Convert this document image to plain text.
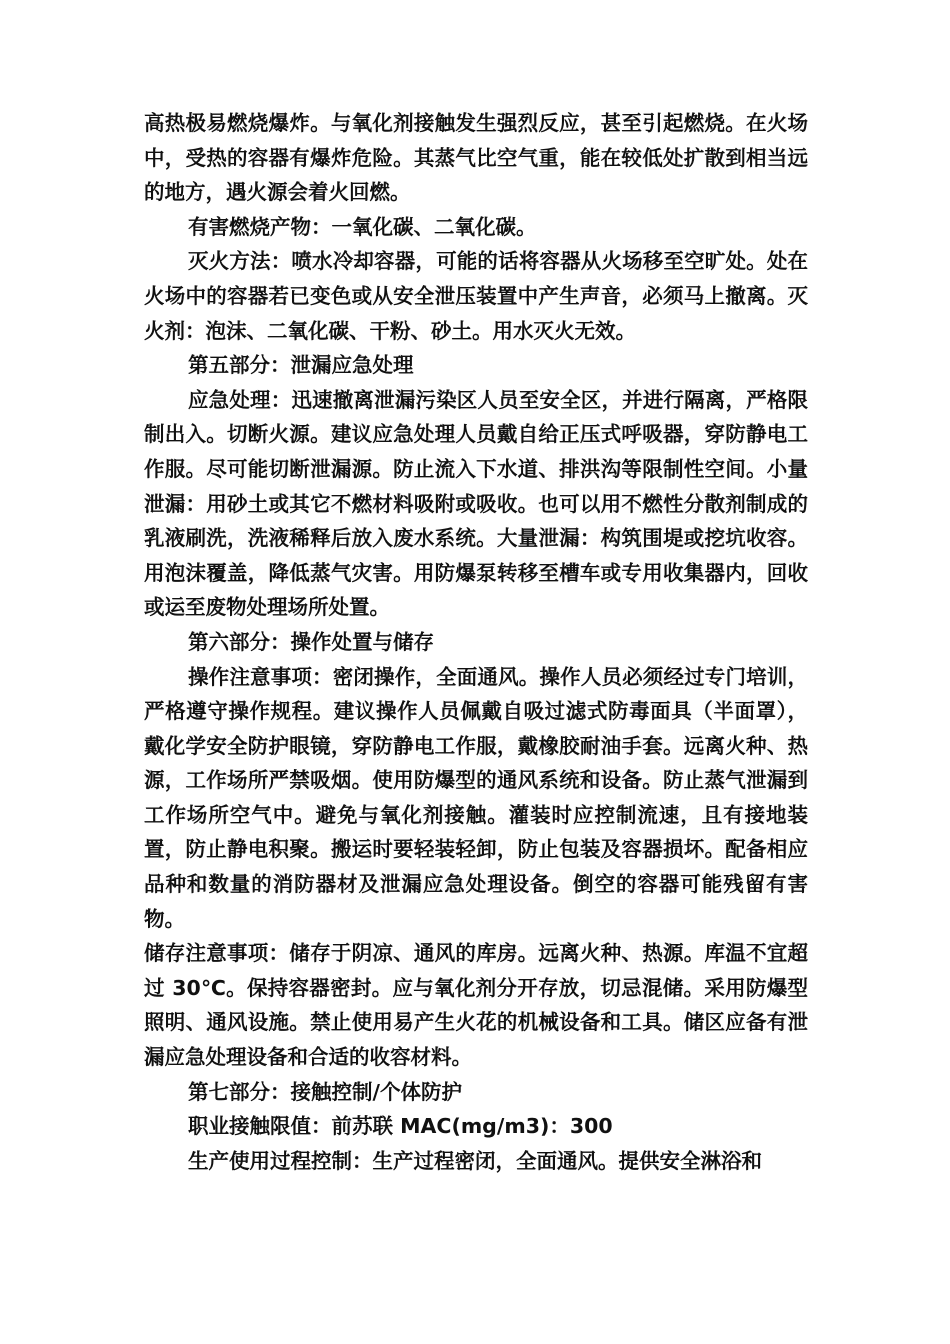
高热极易燃烧爆炸。与氧化剂接触发生强烈反应，甚至引起燃烧。在火场中，受热的容器有爆炸危险。其蒸气比空气重，能在较低处扩散到相当远的地方，遇火源会着火回燃。

有害燃烧产物：一氧化碳、二氧化碳。

灭火方法：喷水冷却容器，可能的话将容器从火场移至空旷处。处在火场中的容器若已变色或从安全泄压装置中产生声音，必须马上撤离。灭火剂：泡沫、二氧化碳、干粉、砂土。用水灭火无效。

第五部分：泄漏应急处理

应急处理：迅速撤离泄漏污染区人员至安全区，并进行隔离，严格限制出入。切断火源。建议应急处理人员戴自给正压式呼吸器，穿防静电工作服。尽可能切断泄漏源。防止流入下水道、排洪沟等限制性空间。小量泄漏：用砂土或其它不燃材料吸附或吸收。也可以用不燃性分散剂制成的乳液刷洗，洗液稀释后放入废水系统。大量泄漏：构筑围堤或挖坑收容。用泡沫覆盖，降低蒸气灾害。用防爆泵转移至槽车或专用收集器内，回收或运至废物处理场所处置。

第六部分：操作处置与储存

操作注意事项：密闭操作，全面通风。操作人员必须经过专门培训，严格遵守操作规程。建议操作人员佩戴自吸过滤式防毒面具（半面罩），戴化学安全防护眼镜，穿防静电工作服，戴橡胶耐油手套。远离火种、热源，工作场所严禁吸烟。使用防爆型的通风系统和设备。防止蒸气泄漏到工作场所空气中。避免与氧化剂接触。灌装时应控制流速，且有接地装置，防止静电积聚。搬运时要轻装轻卸，防止包装及容器损坏。配备相应品种和数量的消防器材及泄漏应急处理设备。倒空的容器可能残留有害物。

储存注意事项：储存于阴凉、通风的库房。远离火种、热源。库温不宜超过 30℃。保持容器密封。应与氧化剂分开存放，切忌混储。采用防爆型照明、通风设施。禁止使用易产生火花的机械设备和工具。储区应备有泄漏应急处理设备和合适的收容材料。

第七部分：接触控制/个体防护

职业接触限值：前苏联 MAC(mg/m3)：300

生产使用过程控制：生产过程密闭，全面通风。提供安全淋浴和
